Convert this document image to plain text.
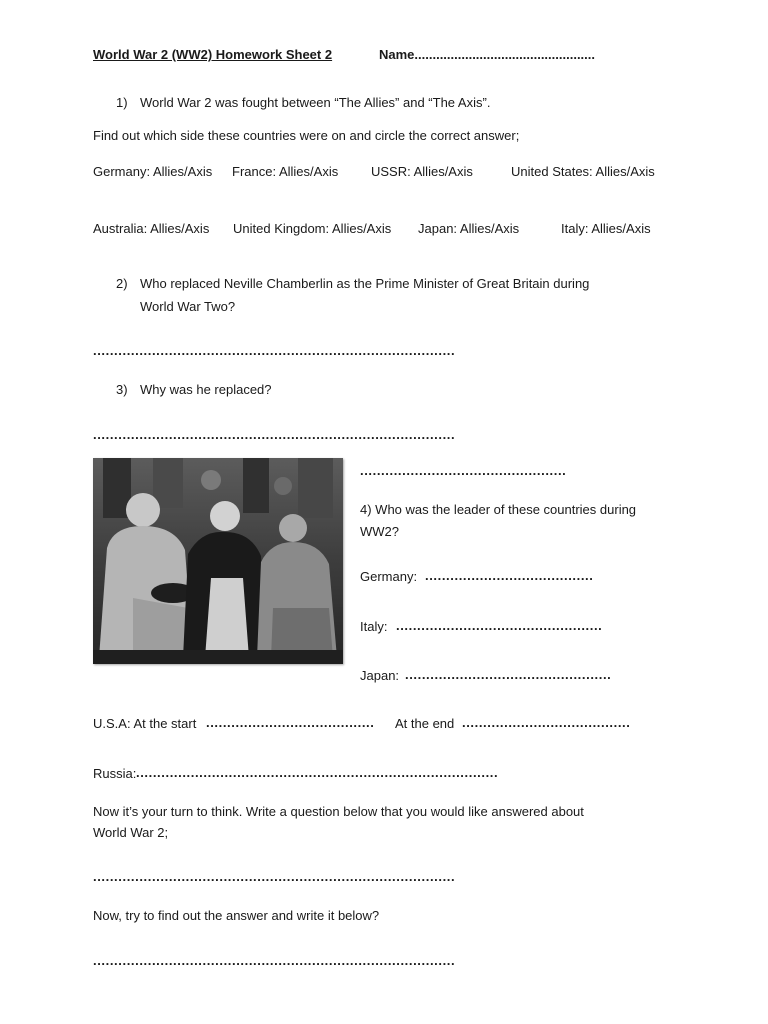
World War 2 (WW2) Homework Sheet 2	Name..................................................
1) World War 2 was fought between “The Allies” and “The Axis”.
Find out which side these countries were on and circle the correct answer;
Germany: Allies/Axis France: Allies/Axis	USSR: Allies/Axis	United States: Allies/Axis
Australia: Allies/Axis United Kingdom: Allies/Axis Japan: Allies/Axis	Italy: Allies/Axis
2) Who replaced Neville Chamberlin as the Prime Minister of Great Britain during
World War Two?
......................................................................................
3) Why was he replaced?
......................................................................................
.................................................
4) Who was the leader of these countries during
WW2?
Germany: ........................................
Italy: .................................................
Japan: .................................................
U.S.A: At the start ........................................	At the end ........................................
Russia: ......................................................................................
Now it’s your turn to think. Write a question below that you would like answered about
World War 2;
......................................................................................
Now, try to find out the answer and write it below?
......................................................................................
